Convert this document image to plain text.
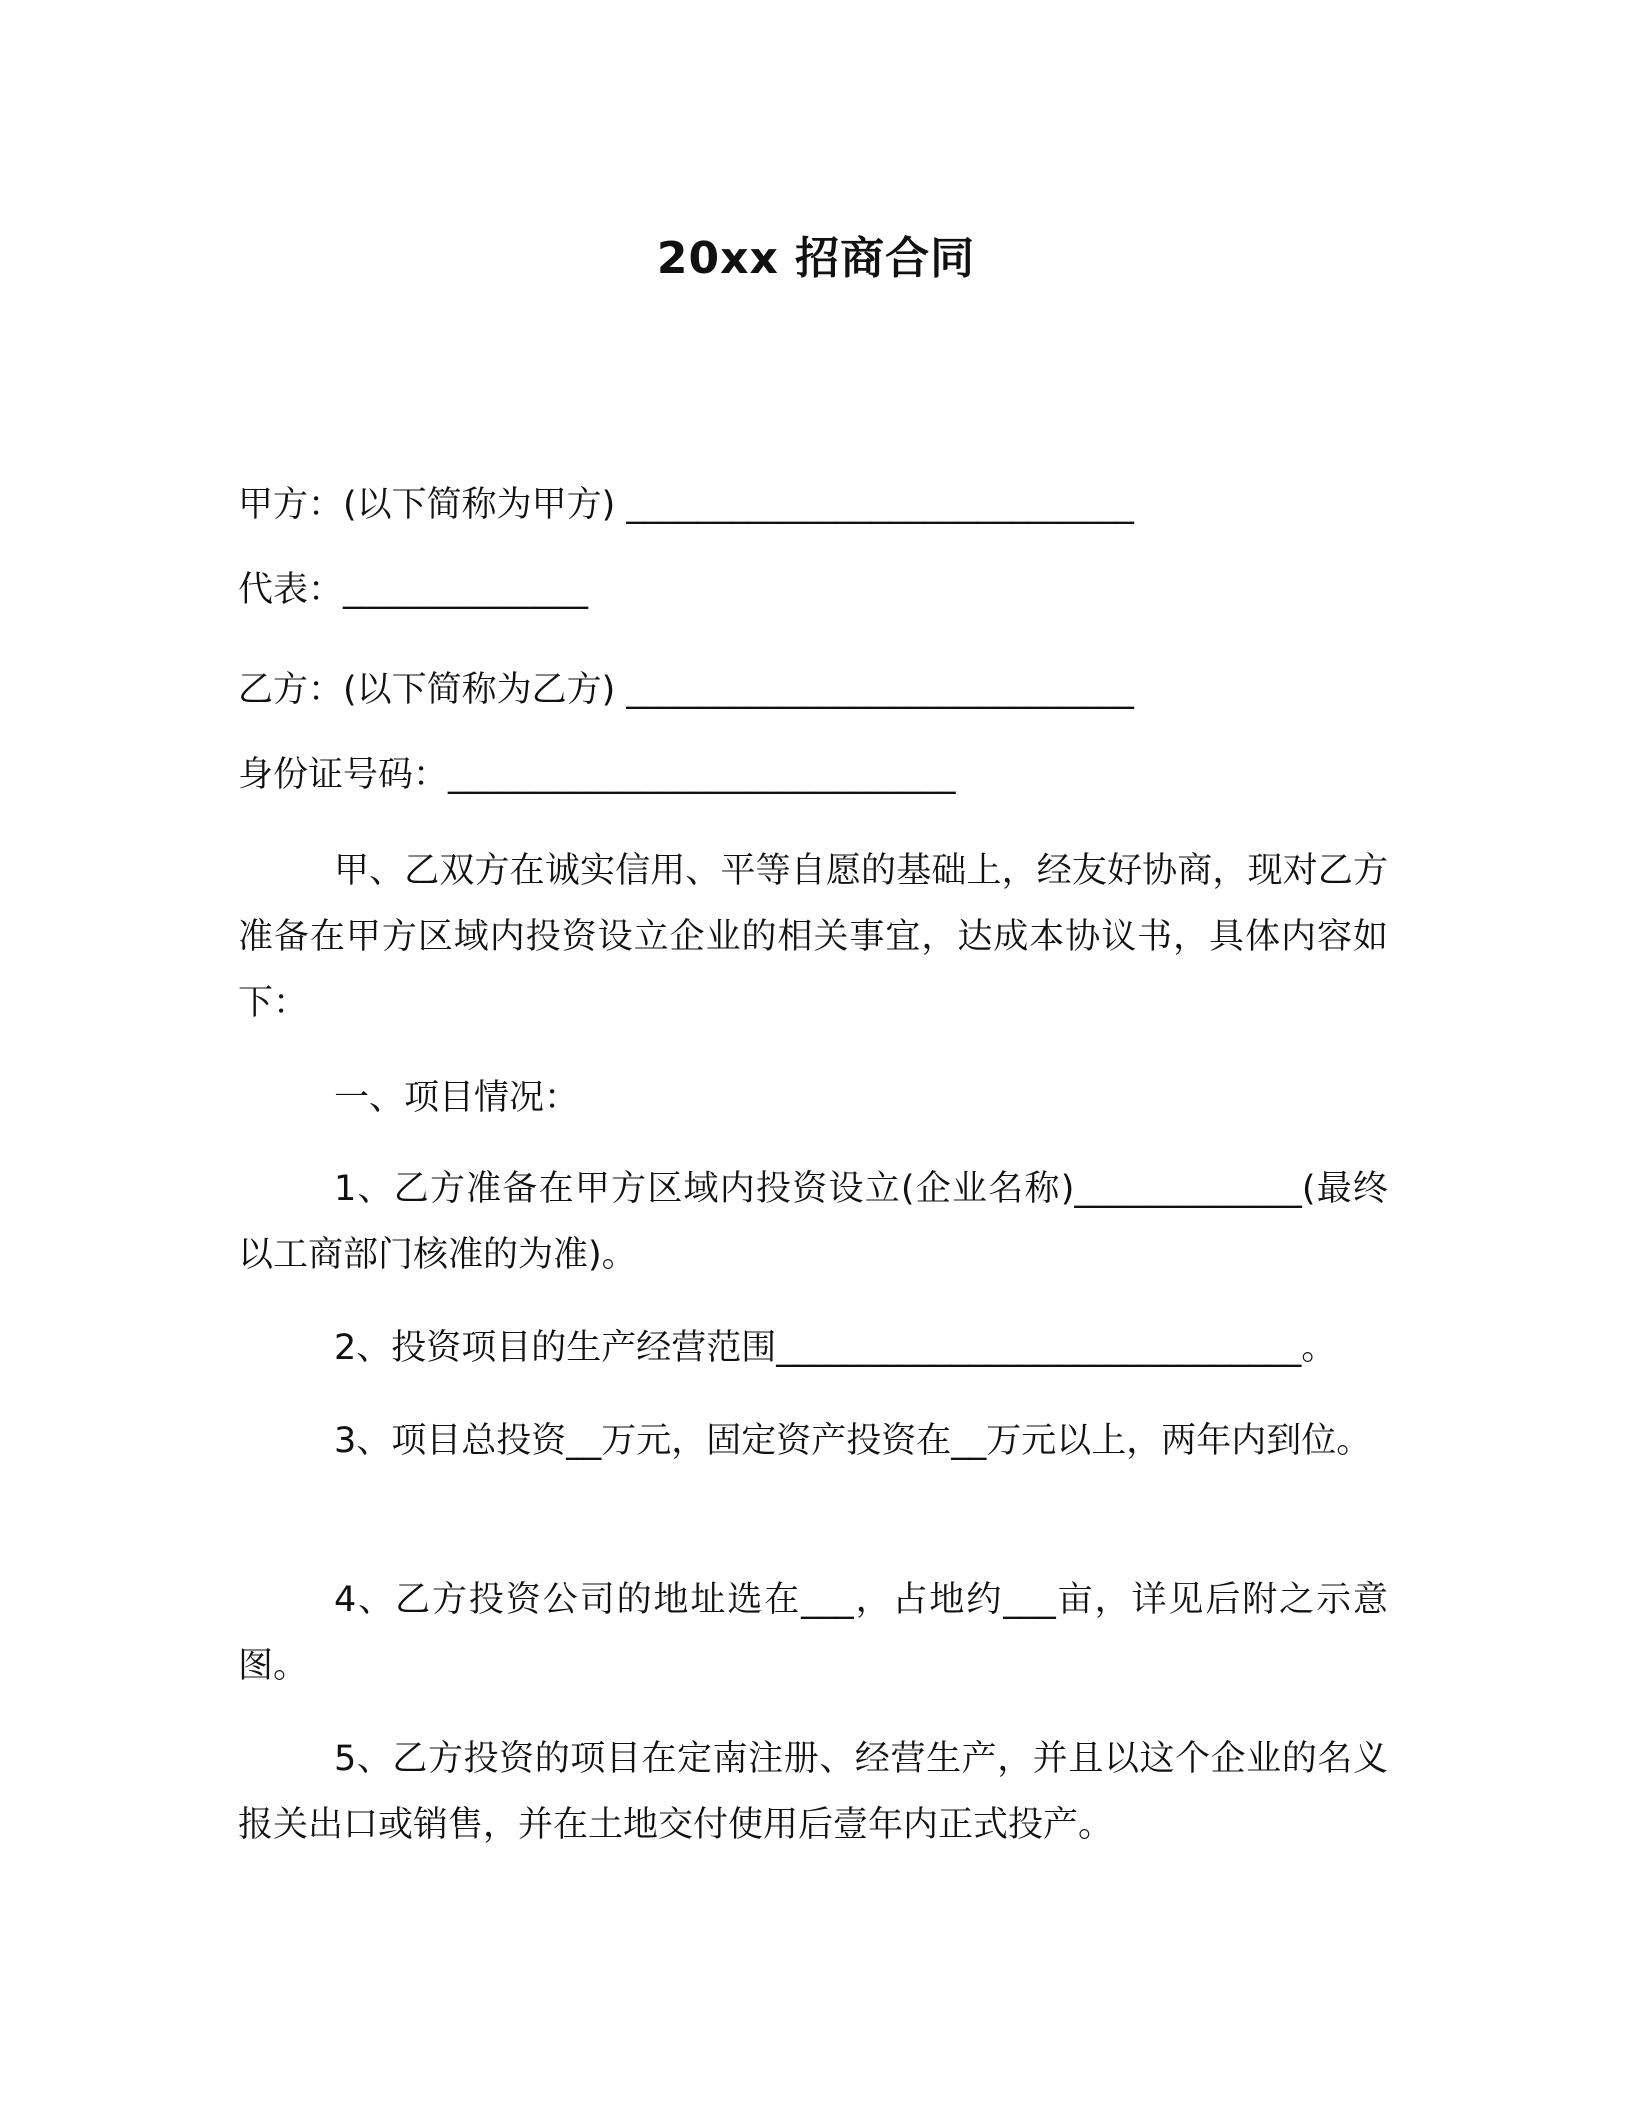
20xx 招商合同
甲方：(以下简称为甲方) _____________________________
代表：______________
乙方：(以下简称为乙方) _____________________________
身份证号码：_____________________________
甲、乙双方在诚实信用、平等自愿的基础上，经友好协商，现对乙方准备在甲方区域内投资设立企业的相关事宜，达成本协议书，具体内容如下：
一、项目情况：
1、乙方准备在甲方区域内投资设立(企业名称)_____________(最终以工商部门核准的为准)。
2、投资项目的生产经营范围______________________________。
3、项目总投资__万元，固定资产投资在__万元以上，两年内到位。
4、乙方投资公司的地址选在___，占地约___亩，详见后附之示意图。
5、乙方投资的项目在定南注册、经营生产，并且以这个企业的名义报关出口或销售，并在土地交付使用后壹年内正式投产。
